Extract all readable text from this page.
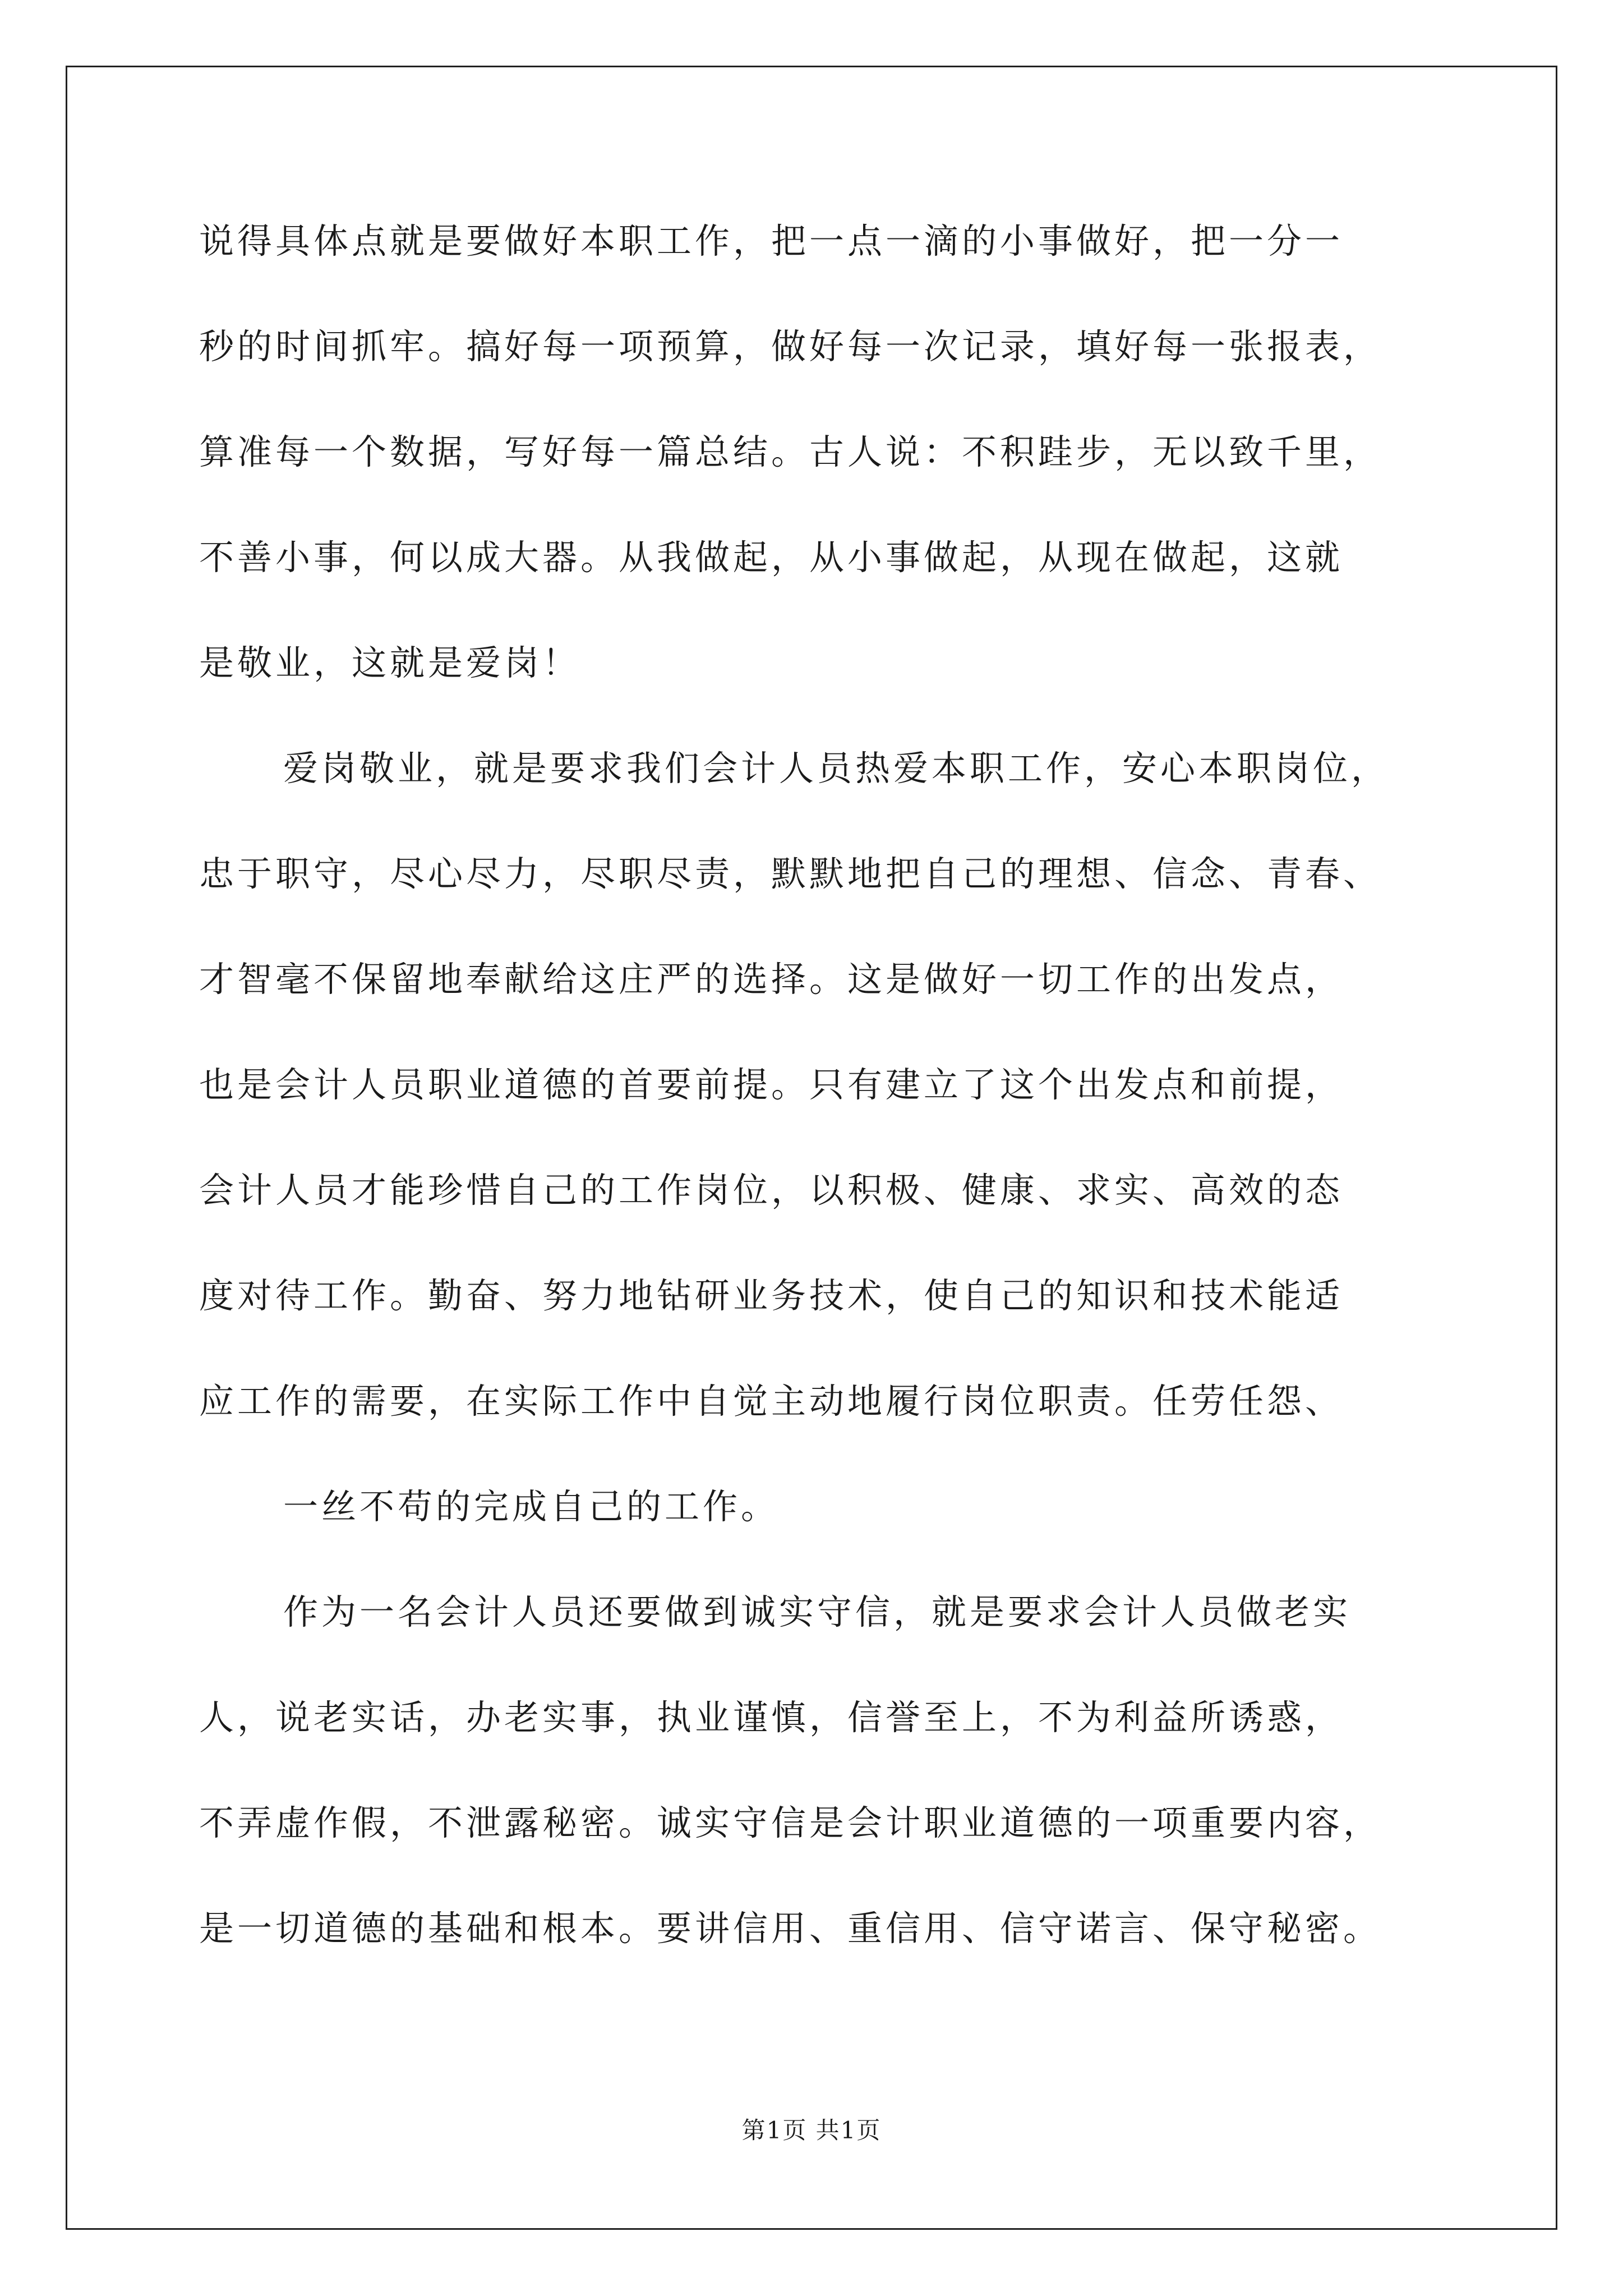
说得具体点就是要做好本职工作，把一点一滴的小事做好，把一分一
秒的时间抓牢。搞好每一项预算，做好每一次记录，填好每一张报表，
算准每一个数据，写好每一篇总结。古人说：不积跬步，无以致千里，
不善小事，何以成大器。从我做起，从小事做起，从现在做起，这就
是敬业，这就是爱岗！
爱岗敬业，就是要求我们会计人员热爱本职工作，安心本职岗位，
忠于职守，尽心尽力，尽职尽责，默默地把自己的理想、信念、青春、
才智毫不保留地奉献给这庄严的选择。这是做好一切工作的出发点，
也是会计人员职业道德的首要前提。只有建立了这个出发点和前提，
会计人员才能珍惜自己的工作岗位，以积极、健康、求实、高效的态
度对待工作。勤奋、努力地钻研业务技术，使自己的知识和技术能适
应工作的需要，在实际工作中自觉主动地履行岗位职责。任劳任怨、
一丝不苟的完成自己的工作。
作为一名会计人员还要做到诚实守信，就是要求会计人员做老实
人，说老实话，办老实事，执业谨慎，信誉至上，不为利益所诱惑，
不弄虚作假，不泄露秘密。诚实守信是会计职业道德的一项重要内容，
是一切道德的基础和根本。要讲信用、重信用、信守诺言、保守秘密。
第1页 共1页
